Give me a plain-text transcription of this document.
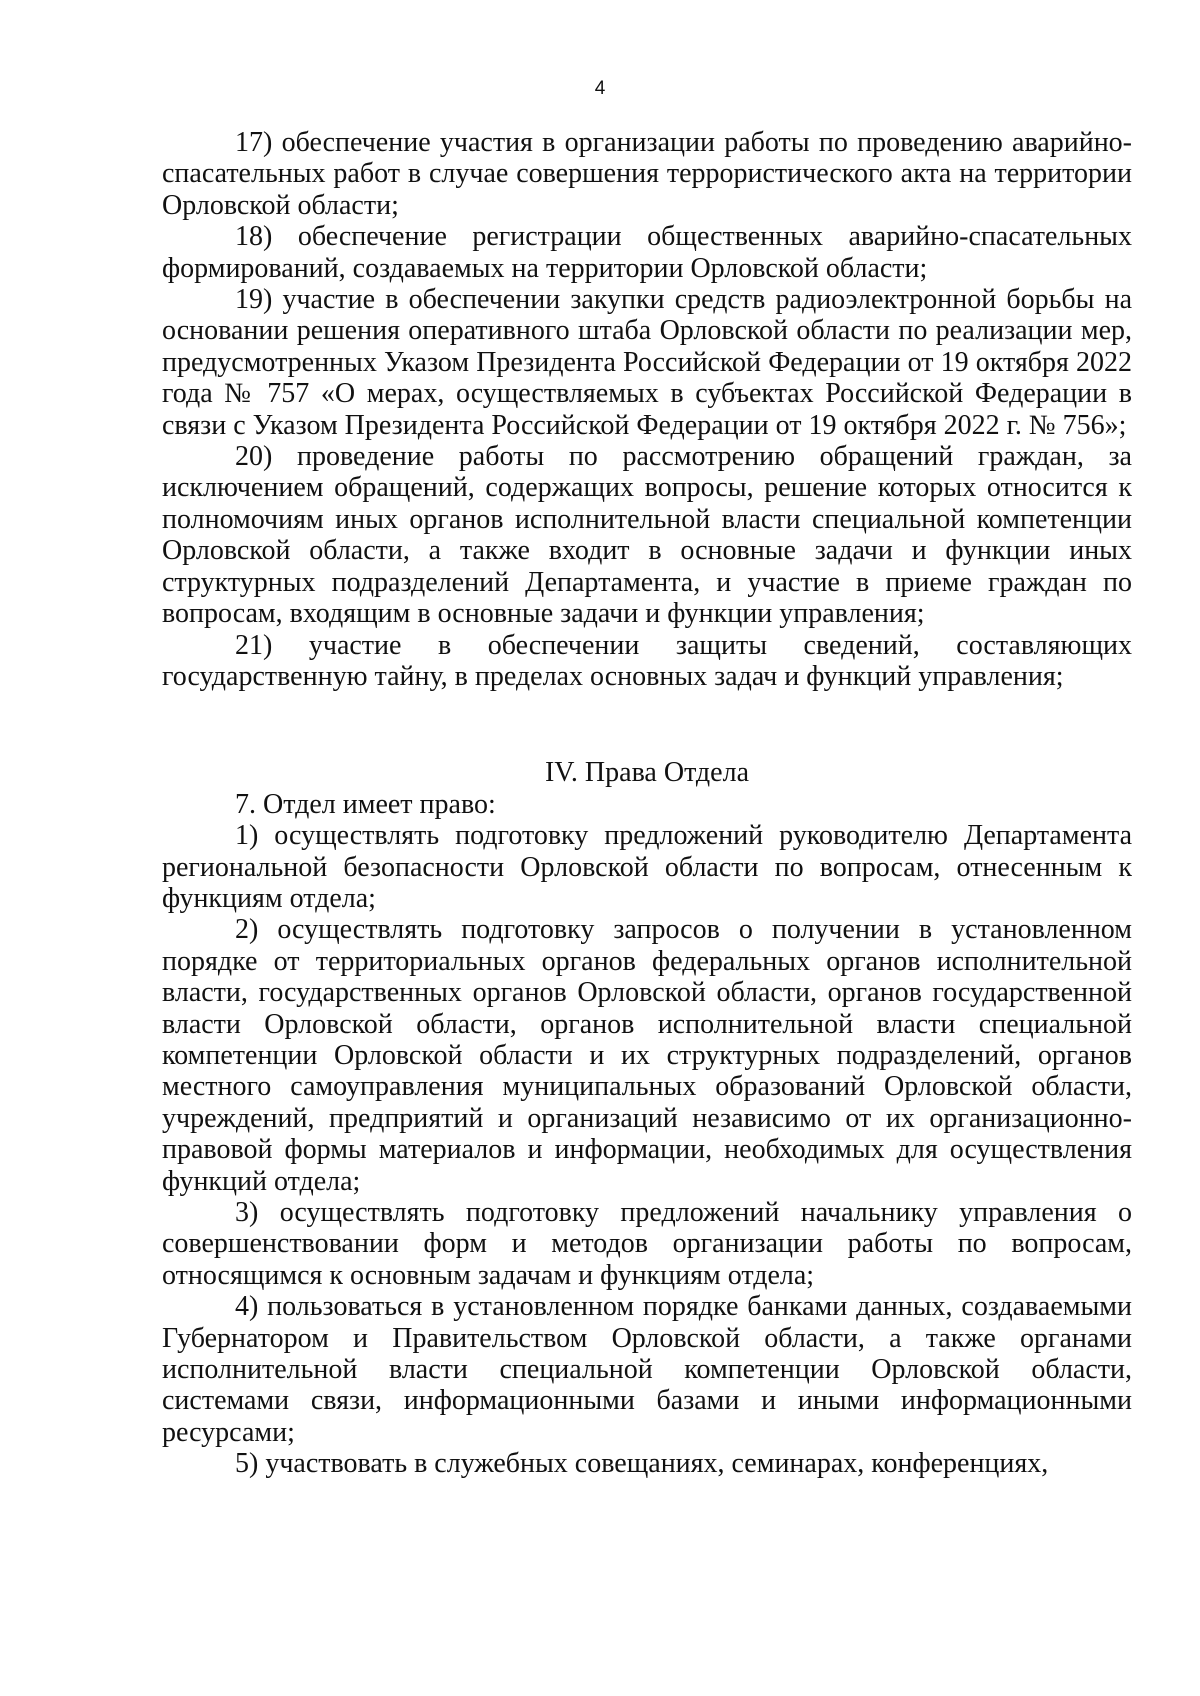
4

17) обеспечение участия в организации работы по проведению аварийно-спасательных работ в случае совершения террористического акта на территории Орловской области;

18) обеспечение регистрации общественных аварийно-спасательных формирований, создаваемых на территории Орловской области;

19) участие в обеспечении закупки средств радиоэлектронной борьбы на основании решения оперативного штаба Орловской области по реализации мер, предусмотренных Указом Президента Российской Федерации от 19 октября 2022 года № 757 «О мерах, осуществляемых в субъектах Российской Федерации в связи с Указом Президента Российской Федерации от 19 октября 2022 г. № 756»;

20) проведение работы по рассмотрению обращений граждан, за исключением обращений, содержащих вопросы, решение которых относится к полномочиям иных органов исполнительной власти специальной компетенции Орловской области, а также входит в основные задачи и функции иных структурных подразделений Департамента, и участие в приеме граждан по вопросам, входящим в основные задачи и функции управления;

21) участие в обеспечении защиты сведений, составляющих государственную тайну, в пределах основных задач и функций управления;

IV. Права Отдела

7. Отдел имеет право:

1) осуществлять подготовку предложений руководителю Департамента региональной безопасности Орловской области по вопросам, отнесенным к функциям отдела;

2) осуществлять подготовку запросов о получении в установленном порядке от территориальных органов федеральных органов исполнительной власти, государственных органов Орловской области, органов государственной власти Орловской области, органов исполнительной власти специальной компетенции Орловской области и их структурных подразделений, органов местного самоуправления муниципальных образований Орловской области, учреждений, предприятий и организаций независимо от их организационно-правовой формы материалов и информации, необходимых для осуществления функций отдела;

3) осуществлять подготовку предложений начальнику управления о совершенствовании форм и методов организации работы по вопросам, относящимся к основным задачам и функциям отдела;

4) пользоваться в установленном порядке банками данных, создаваемыми Губернатором и Правительством Орловской области, а также органами исполнительной власти специальной компетенции Орловской области, системами связи, информационными базами и иными информационными ресурсами;

5) участвовать в служебных совещаниях, семинарах, конференциях,
